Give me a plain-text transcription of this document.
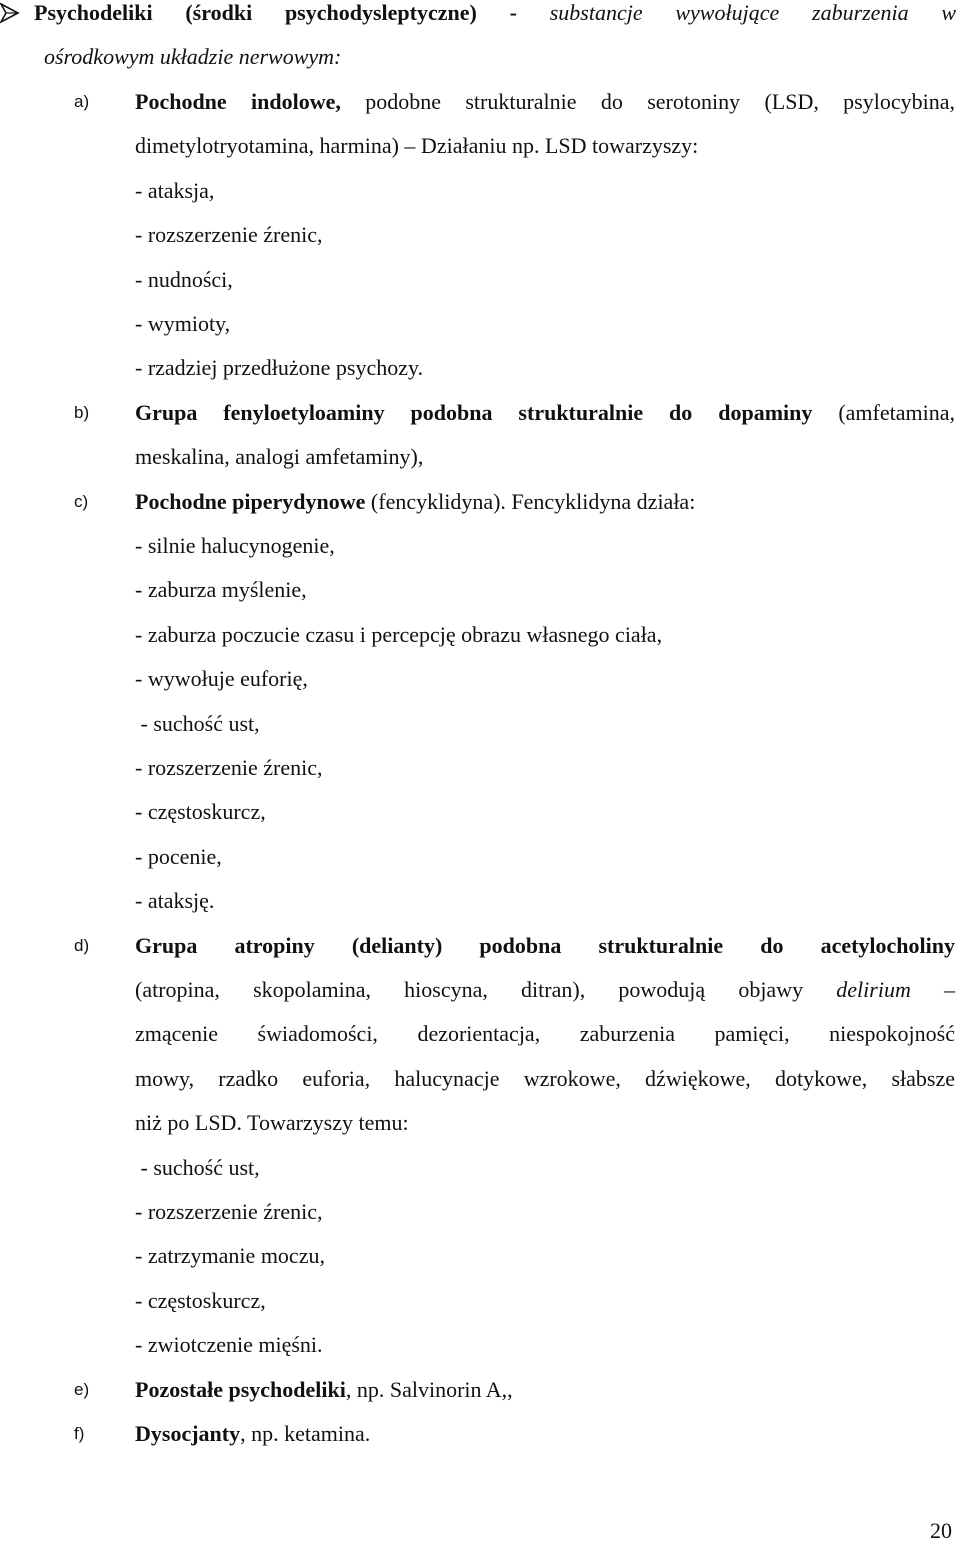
Psychodeliki (środki psychodysleptyczne) - substancje wywołujące zaburzenia w
ośrodkowym układzie nerwowym:
a) Pochodne indolowe, podobne strukturalnie do serotoniny (LSD, psylocybina,
dimetylotryotamina, harmina) – Działaniu np. LSD towarzyszy:
- ataksja,
- rozszerzenie źrenic,
- nudności,
- wymioty,
- rzadziej przedłużone psychozy.
b) Grupa fenyloetyloaminy podobna strukturalnie do dopaminy (amfetamina,
meskalina, analogi amfetaminy),
c) Pochodne piperydynowe (fencyklidyna). Fencyklidyna działa:
- silnie halucynogenie,
- zaburza myślenie,
- zaburza poczucie czasu i percepcję obrazu własnego ciała,
- wywołuje euforię,
- suchość ust,
- rozszerzenie źrenic,
- częstoskurcz,
- pocenie,
- ataksję.
d) Grupa atropiny (delianty) podobna strukturalnie do acetylocholiny
(atropina, skopolamina, hioscyna, ditran), powodują objawy delirium –
zmącenie świadomości, dezorientacja, zaburzenia pamięci, niespokojność
mowy, rzadko euforia, halucynacje wzrokowe, dźwiękowe, dotykowe, słabsze
niż po LSD. Towarzyszy temu:
- suchość ust,
- rozszerzenie źrenic,
- zatrzymanie moczu,
- częstoskurcz,
- zwiotczenie mięśni.
e) Pozostałe psychodeliki, np. Salvinorin A,,
f) Dysocjanty, np. ketamina.
20
